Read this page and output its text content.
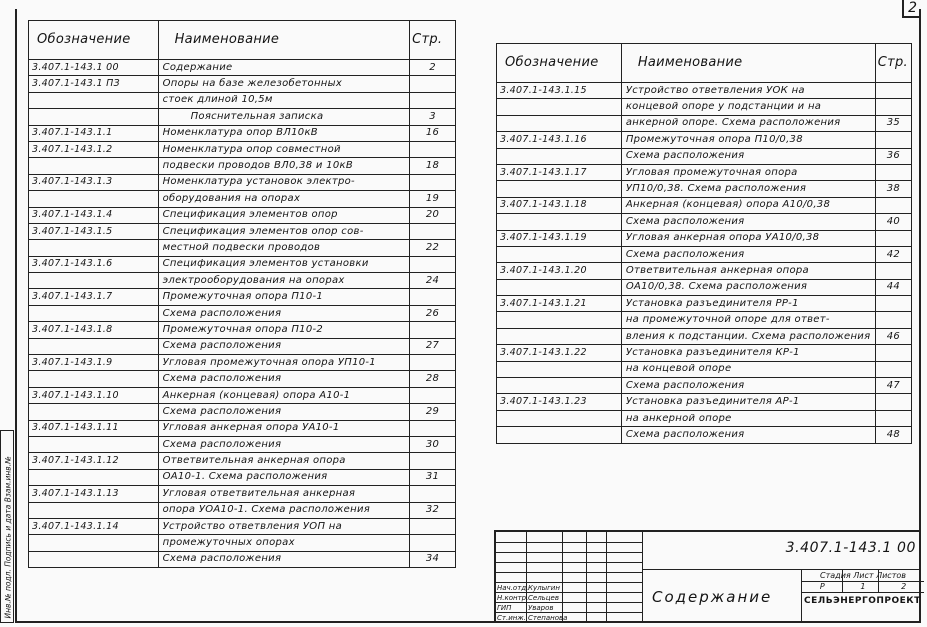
2
Обозначение	Наименование	Стр.
3.407.1-143.1 00	Содержание	2
3.407.1-143.1 ПЗ	Опоры на базе железобетонных	
	стоек длиной 10,5м	
	Пояснительная записка	3
3.407.1-143.1.1	Номенклатура опор ВЛ10кВ	16
3.407.1-143.1.2	Номенклатура опор совместной	
	подвески проводов ВЛ0,38 и 10кВ	18
3.407.1-143.1.3	Номенклатура установок электро-	
	оборудования на опорах	19
3.407.1-143.1.4	Спецификация элементов опор	20
3.407.1-143.1.5	Спецификация элементов опор сов-	
	местной подвески проводов	22
3.407.1-143.1.6	Спецификация элементов установки	
	электрооборудования на опорах	24
3.407.1-143.1.7	Промежуточная опора П10-1	
	Схема расположения	26
3.407.1-143.1.8	Промежуточная опора П10-2	
	Схема расположения	27
3.407.1-143.1.9	Угловая промежуточная опора УП10-1	
	Схема расположения	28
3.407.1-143.1.10	Анкерная (концевая) опора А10-1	
	Схема расположения	29
3.407.1-143.1.11	Угловая анкерная опора УА10-1	
	Схема расположения	30
3.407.1-143.1.12	Ответвительная анкерная опора	
	ОА10-1. Схема расположения	31
3.407.1-143.1.13	Угловая ответвительная анкерная	
	опора УОА10-1. Схема расположения	32
3.407.1-143.1.14	Устройство ответвления УОП на	
	промежуточных опорах	
	Схема расположения	34
Обозначение	Наименование	Стр.
3.407.1-143.1.15	Устройство ответвления УОК на	
	концевой опоре у подстанции и на	
	анкерной опоре. Схема расположения	35
3.407.1-143.1.16	Промежуточная опора П10/0,38	
	Схема расположения	36
3.407.1-143.1.17	Угловая промежуточная опора	
	УП10/0,38. Схема расположения	38
3.407.1-143.1.18	Анкерная (концевая) опора А10/0,38	
	Схема расположения	40
3.407.1-143.1.19	Угловая анкерная опора УА10/0,38	
	Схема расположения	42
3.407.1-143.1.20	Ответвительная анкерная опора	
	ОА10/0,38. Схема расположения	44
3.407.1-143.1.21	Установка разъединителя РР-1	
	на промежуточной опоре для ответ-	
	вления к подстанции. Схема расположения	46
3.407.1-143.1.22	Установка разъединителя КР-1	
	на концевой опоре	
	Схема расположения	47
3.407.1-143.1.23	Установка разъединителя АР-1	
	на анкерной опоре	
	Схема расположения	48
Инв.№ подл. Подпись и дата Взам.инв.№	Нач.отд. Кулыгин
Н.контр. Сельцев
ГИП Уваров
Ст.инж. Степанова
3.407.1-143.1 00
Содержание
Стадия Лист Листов
Р	1	2
СЕЛЬЭНЕРГОПРОЕКТ
